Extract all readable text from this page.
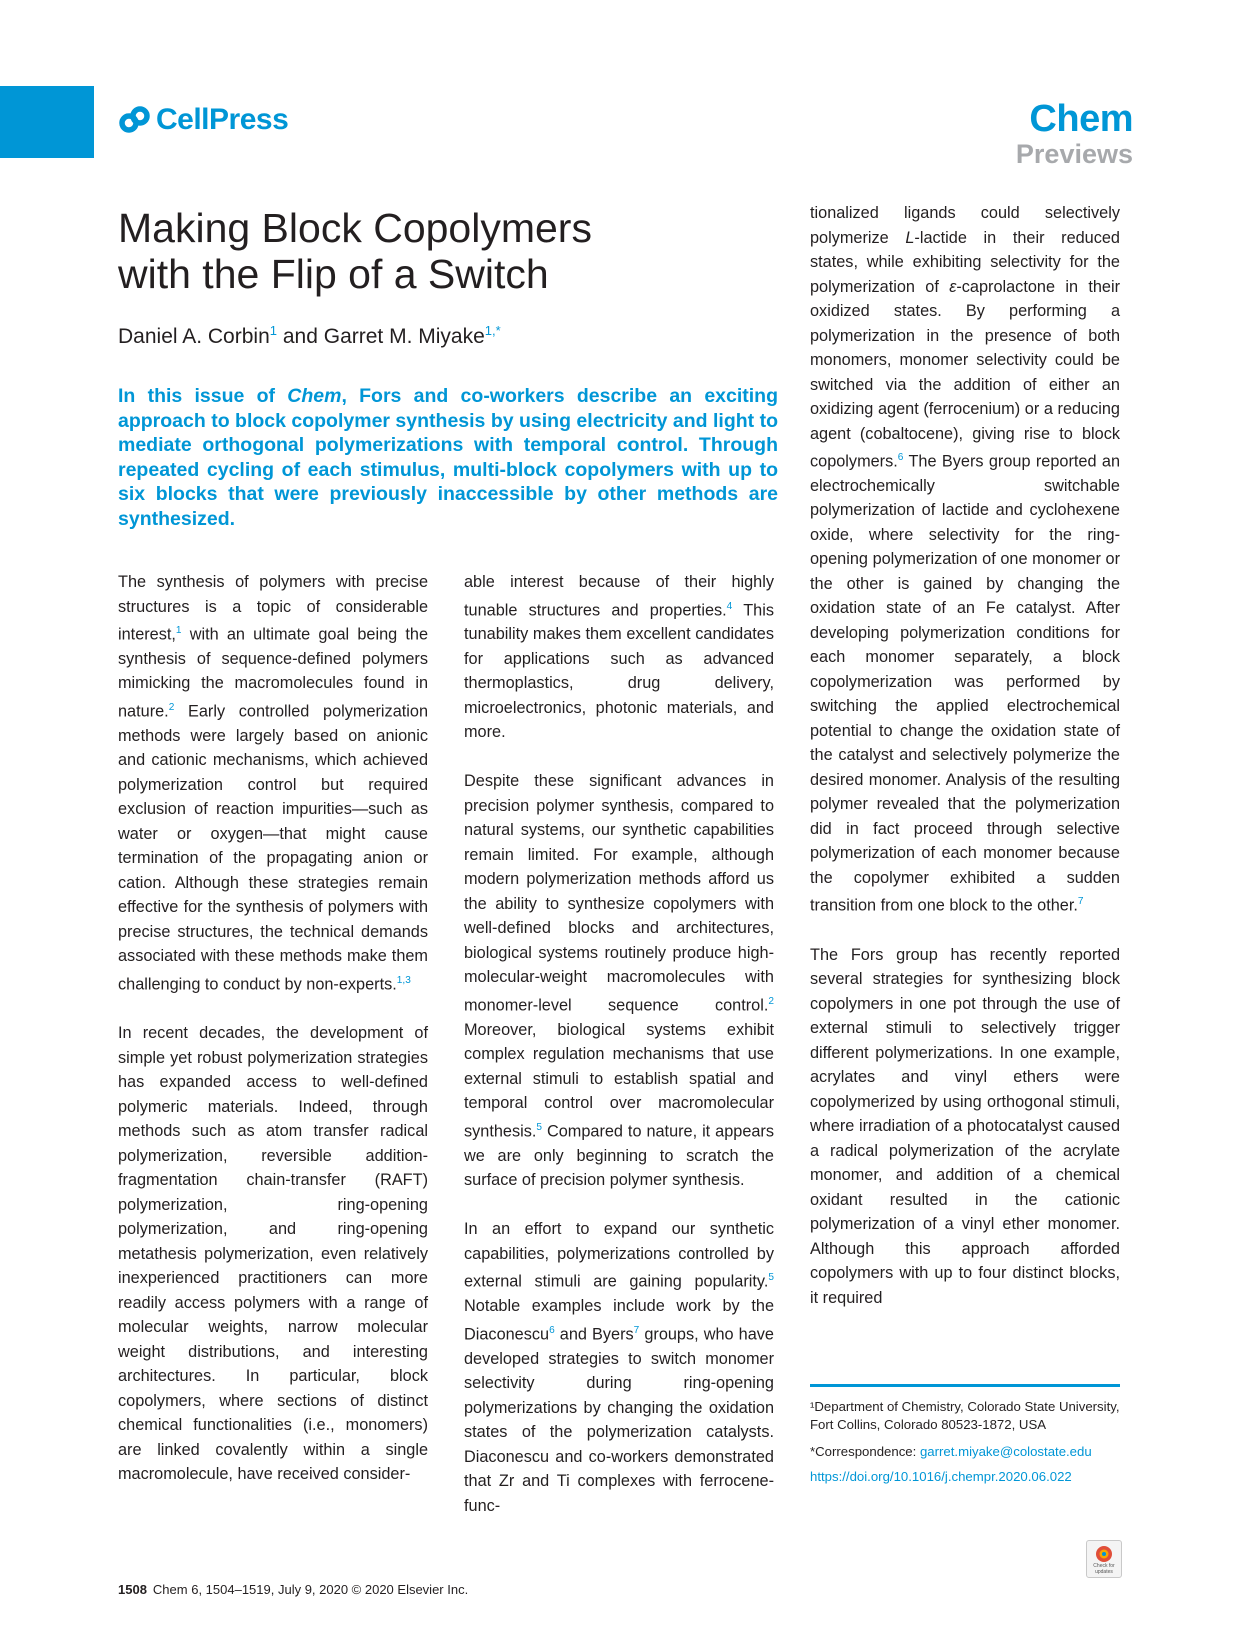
CellPress	Chem
Previews
Making Block Copolymers
with the Flip of a Switch
Daniel A. Corbin$^1$ and Garret M. Miyake$^{1,*}$

In this issue of Chem, Fors and co-workers describe an exciting approach to block copolymer synthesis by using electricity and light to mediate orthogonal polymerizations with temporal control. Through repeated cycling of each stimulus, multi-block copolymers with up to six blocks that were previously inaccessible by other methods are synthesized.

The synthesis of polymers with precise structures is a topic of considerable interest,$^1$ with an ultimate goal being the synthesis of sequence-defined polymers mimicking the macromolecules found in nature.$^2$ Early controlled polymerization methods were largely based on anionic and cationic mechanisms, which achieved polymerization control but required exclusion of reaction impurities—such as water or oxygen—that might cause termination of the propagating anion or cation. Although these strategies remain effective for the synthesis of polymers with precise structures, the technical demands associated with these methods make them challenging to conduct by non-experts.$^{1,3}$

In recent decades, the development of simple yet robust polymerization strategies has expanded access to well-defined polymeric materials. Indeed, through methods such as atom transfer radical polymerization, reversible addition-fragmentation chain-transfer (RAFT) polymerization, ring-opening polymerization, and ring-opening metathesis polymerization, even relatively inexperienced practitioners can more readily access polymers with a range of molecular weights, narrow molecular weight distributions, and interesting architectures. In particular, block copolymers, where sections of distinct chemical functionalities (i.e., monomers) are linked covalently within a single macromolecule, have received consider-

able interest because of their highly tunable structures and properties.$^4$ This tunability makes them excellent candidates for applications such as advanced thermoplastics, drug delivery, microelectronics, photonic materials, and more.

Despite these significant advances in precision polymer synthesis, compared to natural systems, our synthetic capabilities remain limited. For example, although modern polymerization methods afford us the ability to synthesize copolymers with well-defined blocks and architectures, biological systems routinely produce high-molecular-weight macromolecules with monomer-level sequence control.$^2$ Moreover, biological systems exhibit complex regulation mechanisms that use external stimuli to establish spatial and temporal control over macromolecular synthesis.$^5$ Compared to nature, it appears we are only beginning to scratch the surface of precision polymer synthesis.

In an effort to expand our synthetic capabilities, polymerizations controlled by external stimuli are gaining popularity.$^5$ Notable examples include work by the Diaconescu$^6$ and Byers$^7$ groups, who have developed strategies to switch monomer selectivity during ring-opening polymerizations by changing the oxidation states of the polymerization catalysts. Diaconescu and co-workers demonstrated that Zr and Ti complexes with ferrocene-func-

tionalized ligands could selectively polymerize L-lactide in their reduced states, while exhibiting selectivity for the polymerization of ε-caprolactone in their oxidized states. By performing a polymerization in the presence of both monomers, monomer selectivity could be switched via the addition of either an oxidizing agent (ferrocenium) or a reducing agent (cobaltocene), giving rise to block copolymers.$^6$ The Byers group reported an electrochemically switchable polymerization of lactide and cyclohexene oxide, where selectivity for the ring-opening polymerization of one monomer or the other is gained by changing the oxidation state of an Fe catalyst. After developing polymerization conditions for each monomer separately, a block copolymerization was performed by switching the applied electrochemical potential to change the oxidation state of the catalyst and selectively polymerize the desired monomer. Analysis of the resulting polymer revealed that the polymerization did in fact proceed through selective polymerization of each monomer because the copolymer exhibited a sudden transition from one block to the other.$^7$

The Fors group has recently reported several strategies for synthesizing block copolymers in one pot through the use of external stimuli to selectively trigger different polymerizations. In one example, acrylates and vinyl ethers were copolymerized by using orthogonal stimuli, where irradiation of a photocatalyst caused a radical polymerization of the acrylate monomer, and addition of a chemical oxidant resulted in the cationic polymerization of a vinyl ether monomer. Although this approach afforded copolymers with up to four distinct blocks, it required

¹Department of Chemistry, Colorado State University, Fort Collins, Colorado 80523-1872, USA
*Correspondence: garret.miyake@colostate.edu
https://doi.org/10.1016/j.chempr.2020.06.022
1508 Chem 6, 1504–1519, July 9, 2020 © 2020 Elsevier Inc.
Check for updates
